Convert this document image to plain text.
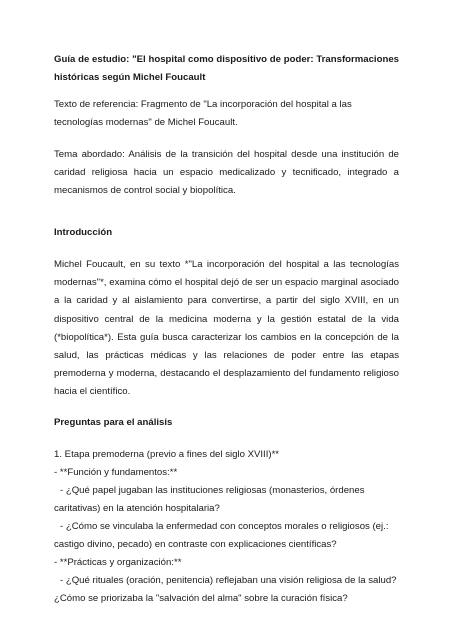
Guía de estudio: "El hospital como dispositivo de poder: Transformaciones históricas según Michel Foucault

Texto de referencia: Fragmento de "La incorporación del hospital a las tecnologías modernas" de Michel Foucault.

Tema abordado: Análisis de la transición del hospital desde una institución de caridad religiosa hacia un espacio medicalizado y tecnificado, integrado a mecanismos de control social y biopolítica.

Introducción

Michel Foucault, en su texto *"La incorporación del hospital a las tecnologías modernas"*, examina cómo el hospital dejó de ser un espacio marginal asociado a la caridad y al aislamiento para convertirse, a partir del siglo XVIII, en un dispositivo central de la medicina moderna y la gestión estatal de la vida (*biopolítica*). Esta guía busca caracterizar los cambios en la concepción de la salud, las prácticas médicas y las relaciones de poder entre las etapas premoderna y moderna, destacando el desplazamiento del fundamento religioso hacia el científico.

Preguntas para el análisis

1. Etapa premoderna (previo a fines del siglo XVIII)**

- **Función y fundamentos:**

- ¿Qué papel jugaban las instituciones religiosas (monasterios, órdenes caritativas) en la atención hospitalaria?

- ¿Cómo se vinculaba la enfermedad con conceptos morales o religiosos (ej.: castigo divino, pecado) en contraste con explicaciones científicas?

- **Prácticas y organización:**

- ¿Qué rituales (oración, penitencia) reflejaban una visión religiosa de la salud? ¿Cómo se priorizaba la "salvación del alma" sobre la curación física?
